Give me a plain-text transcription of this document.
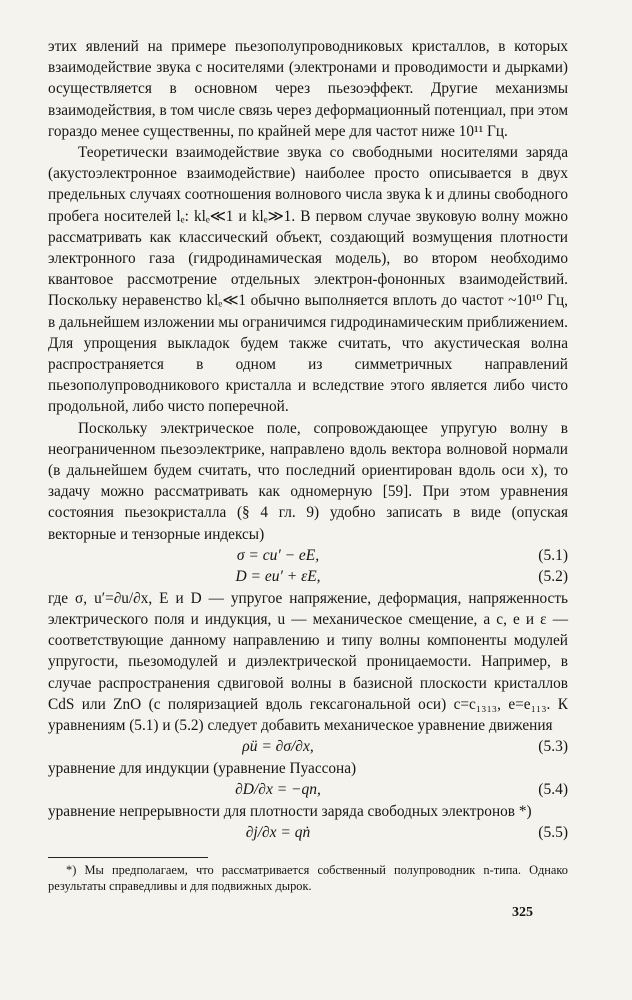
этих явлений на примере пьезополупроводниковых кристаллов, в которых взаимодействие звука с носителями (электронами и проводимости и дырками) осуществляется в основном через пьезоэффект. Другие механизмы взаимодействия, в том числе связь через деформационный потенциал, при этом гораздо менее существенны, по крайней мере для частот ниже 10¹¹ Гц.

Теоретически взаимодействие звука со свободными носителями заряда (акустоэлектронное взаимодействие) наиболее просто описывается в двух предельных случаях соотношения волнового числа звука k и длины свободного пробега носителей lₑ: klₑ≪1 и klₑ≫1. В первом случае звуковую волну можно рассматривать как классический объект, создающий возмущения плотности электронного газа (гидродинамическая модель), во втором необходимо квантовое рассмотрение отдельных электрон-фононных взаимодействий. Поскольку неравенство klₑ≪1 обычно выполняется вплоть до частот ~10¹⁰ Гц, в дальнейшем изложении мы ограничимся гидродинамическим приближением. Для упрощения выкладок будем также считать, что акустическая волна распространяется в одном из симметричных направлений пьезополупроводникового кристалла и вследствие этого является либо чисто продольной, либо чисто поперечной.

Поскольку электрическое поле, сопровождающее упругую волну в неограниченном пьезоэлектрике, направлено вдоль вектора волновой нормали (в дальнейшем будем считать, что последний ориентирован вдоль оси x), то задачу можно рассматривать как одномерную [59]. При этом уравнения состояния пьезокристалла (§ 4 гл. 9) удобно записать в виде (опуская векторные и тензорные индексы)

σ = cu′ − eE,	(5.1)
D = eu′ + εE,	(5.2)

где σ, u′=∂u/∂x, E и D — упругое напряжение, деформация, напряженность электрического поля и индукция, u — механическое смещение, а c, e и ε — соответствующие данному направлению и типу волны компоненты модулей упругости, пьезомодулей и диэлектрической проницаемости. Например, в случае распространения сдвиговой волны в базисной плоскости кристаллов CdS или ZnO (с поляризацией вдоль гексагональной оси) c=c₁₃₁₃, e=e₁₁₃. К уравнениям (5.1) и (5.2) следует добавить механическое уравнение движения

ρü = ∂σ/∂x,	(5.3)

уравнение для индукции (уравнение Пуассона)

∂D/∂x = −qn,	(5.4)

уравнение непрерывности для плотности заряда свободных электронов *)

∂j/∂x = qṅ	(5.5)

*) Мы предполагаем, что рассматривается собственный полупроводник n-типа. Однако результаты справедливы и для подвижных дырок.

325
